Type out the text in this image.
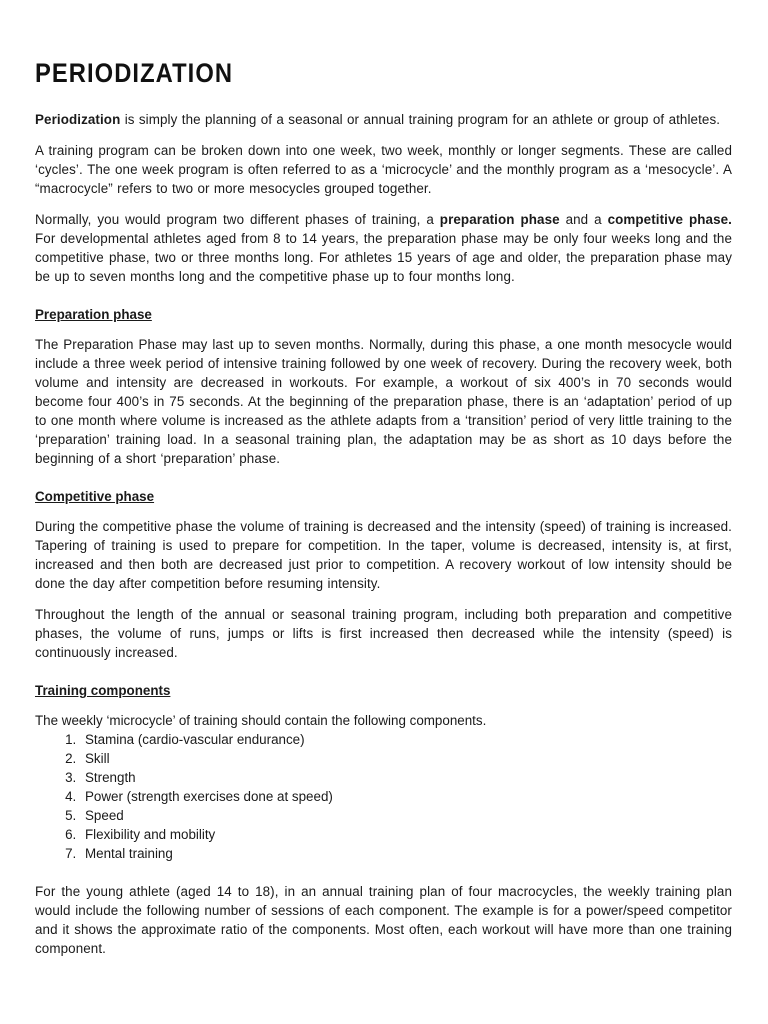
PERIODIZATION

Periodization is simply the planning of a seasonal or annual training program for an athlete or group of athletes.

A training program can be broken down into one week, two week, monthly or longer segments. These are called ‘cycles’. The one week program is often referred to as a ‘microcycle’ and the monthly program as a ‘mesocycle’. A “macrocycle” refers to two or more mesocycles grouped together.

Normally, you would program two different phases of training, a preparation phase and a competitive phase. For developmental athletes aged from 8 to 14 years, the preparation phase may be only four weeks long and the competitive phase, two or three months long. For athletes 15 years of age and older, the preparation phase may be up to seven months long and the competitive phase up to four months long.

Preparation phase

The Preparation Phase may last up to seven months. Normally, during this phase, a one month mesocycle would include a three week period of intensive training followed by one week of recovery. During the recovery week, both volume and intensity are decreased in workouts. For example, a workout of six 400’s in 70 seconds would become four 400’s in 75 seconds. At the beginning of the preparation phase, there is an ‘adaptation’ period of up to one month where volume is increased as the athlete adapts from a ‘transition’ period of very little training to the ‘preparation’ training load. In a seasonal training plan, the adaptation may be as short as 10 days before the beginning of a short ‘preparation’ phase.

Competitive phase

During the competitive phase the volume of training is decreased and the intensity (speed) of training is increased. Tapering of training is used to prepare for competition. In the taper, volume is decreased, intensity is, at first, increased and then both are decreased just prior to competition. A recovery workout of low intensity should be done the day after competition before resuming intensity.

Throughout the length of the annual or seasonal training program, including both preparation and competitive phases, the volume of runs, jumps or lifts is first increased then decreased while the intensity (speed) is continuously increased.

Training components
The weekly ‘microcycle’ of training should contain the following components.
1. Stamina (cardio-vascular endurance)
2. Skill
3. Strength
4. Power (strength exercises done at speed)
5. Speed
6. Flexibility and mobility
7. Mental training

For the young athlete (aged 14 to 18), in an annual training plan of four macrocycles, the weekly training plan would include the following number of sessions of each component. The example is for a power/speed competitor and it shows the approximate ratio of the components. Most often, each workout will have more than one training component.
